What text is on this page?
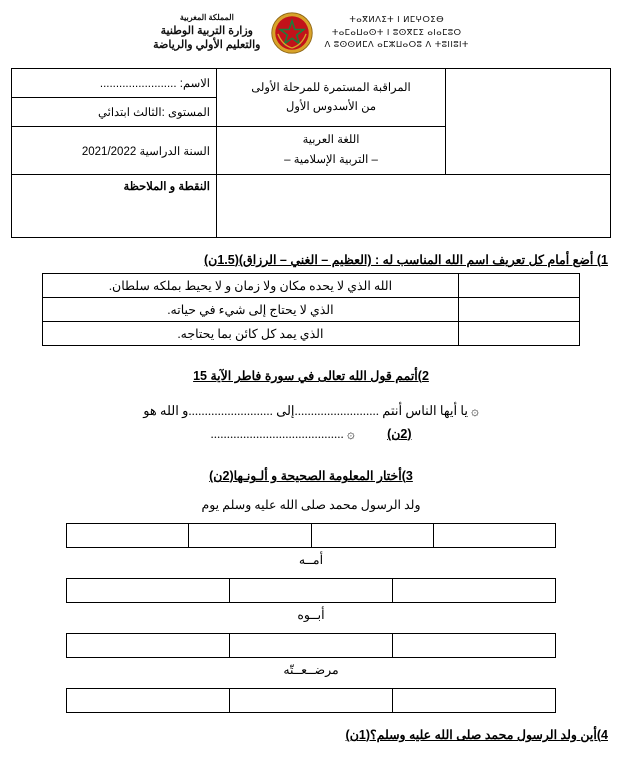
المملكة المغربية
وزارة التربية الوطنية
والتعليم الأولي والرياضة
ⵜⴰⴳⵍⴷⵉⵜ ⵏ ⵍⵎⵖⵔⵉⴱ
ⵜⴰⵎⴰⵡⴰⵙⵜ ⵏ ⵓⵙⴳⵎⵉ ⴰⵏⴰⵎⵓⵔ
ⴷ ⵓⵙⵙⵍⵎⴷ ⴰⵎⵣⵡⴰⵔⵓ ⴷ ⵜⵓⵏⵏⵓⵏⵜ

	المراقبة المستمرة للمرحلة الأولى
من الأسدوس الأول	الاسم: ........................
		المستوى :الثالث ابتدائي

	اللغة العربية
– التربية الإسلامية –	السنة الدراسية 2021/2022
		النقطة و الملاحظة
1) أضع أمام كل تعريف اسم الله المناسب له : (العظيم – الغني – الرزاق)(1.5ن)
	الله الذي لا يحده مكان ولا زمان و لا يحيط بملكه سلطان.
	الذي لا يحتاج إلى شيء في حياته.
	الذي يمد كل كائن بما يحتاجه.
2)أتمم قول الله تعالى في سورة فاطر الآية 15
۞ يا أيها الناس أنتم ..........................إلى ..........................و الله هو
(2ن)          ۞ .........................................
3)أختار المعلومة الصحيحة و ألـونـها(2ن)
ولد الرسول محمد صلى الله عليه وسلم يوم

أمــه

أبــوه

مرضــعــتّه

4)أين ولد الرسول محمد صلى الله عليه وسلم؟(1ن)
